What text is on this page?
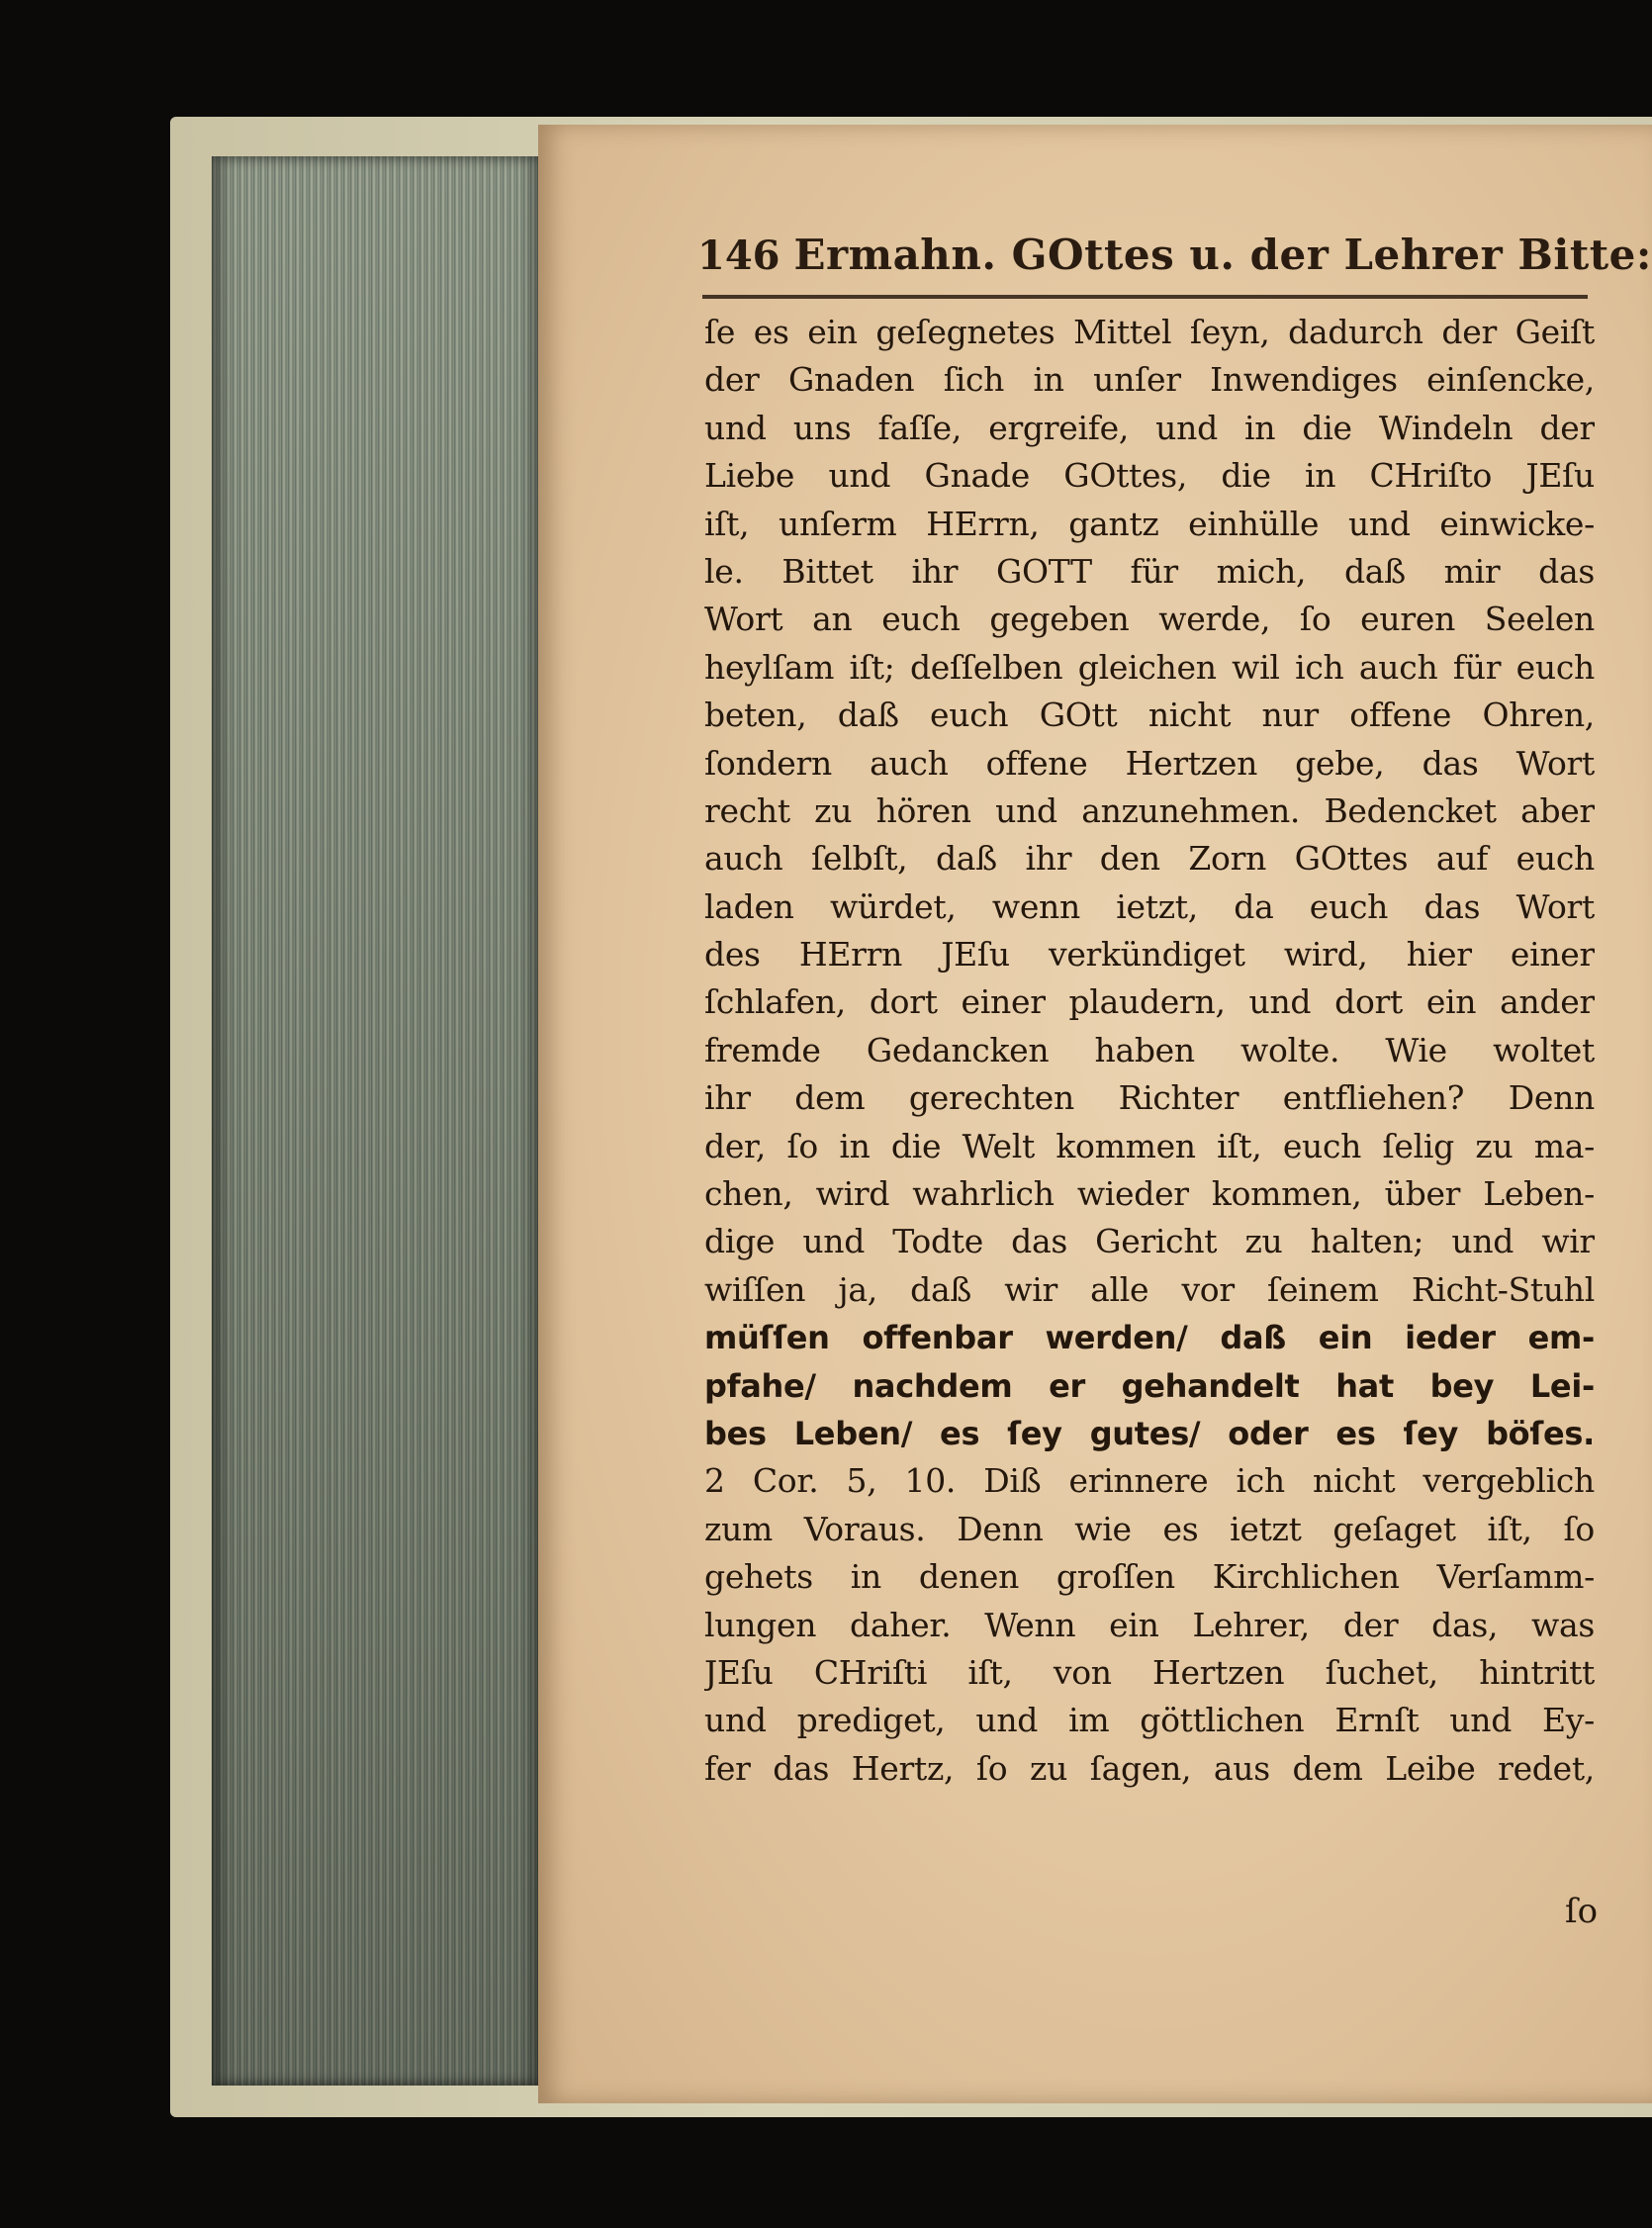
146 Ermahn. GOttes u. der Lehrer Bitte:
ſe es ein geſegnetes Mittel ſeyn, dadurch der Geiſt
der Gnaden ſich in unſer Inwendiges einſencke,
und uns faſſe, ergreife, und in die Windeln der
Liebe und Gnade GOttes, die in CHriſto JEſu
iſt, unſerm HErrn, gantz einhülle und einwicke-
le. Bittet ihr GOTT für mich, daß mir das
Wort an euch gegeben werde, ſo euren Seelen
heylſam iſt; deſſelben gleichen wil ich auch für euch
beten, daß euch GOtt nicht nur offene Ohren,
ſondern auch offene Hertzen gebe, das Wort
recht zu hören und anzunehmen. Bedencket aber
auch ſelbſt, daß ihr den Zorn GOttes auf euch
laden würdet, wenn ietzt, da euch das Wort
des HErrn JEſu verkündiget wird, hier einer
ſchlafen, dort einer plaudern, und dort ein ander
fremde Gedancken haben wolte. Wie woltet
ihr dem gerechten Richter entfliehen? Denn
der, ſo in die Welt kommen iſt, euch ſelig zu ma-
chen, wird wahrlich wieder kommen, über Leben-
dige und Todte das Gericht zu halten; und wir
wiſſen ja, daß wir alle vor ſeinem Richt-Stuhl
müſſen offenbar werden/ daß ein ieder em-
pfahe/ nachdem er gehandelt hat bey Lei-
bes Leben/ es ſey gutes/ oder es ſey böſes.
2 Cor. 5, 10. Diß erinnere ich nicht vergeblich
zum Voraus. Denn wie es ietzt geſaget iſt, ſo
gehets in denen groſſen Kirchlichen Verſamm-
lungen daher. Wenn ein Lehrer, der das, was
JEſu CHriſti iſt, von Hertzen ſuchet, hintritt
und prediget, und im göttlichen Ernſt und Ey-
fer das Hertz, ſo zu ſagen, aus dem Leibe redet,
ſo
